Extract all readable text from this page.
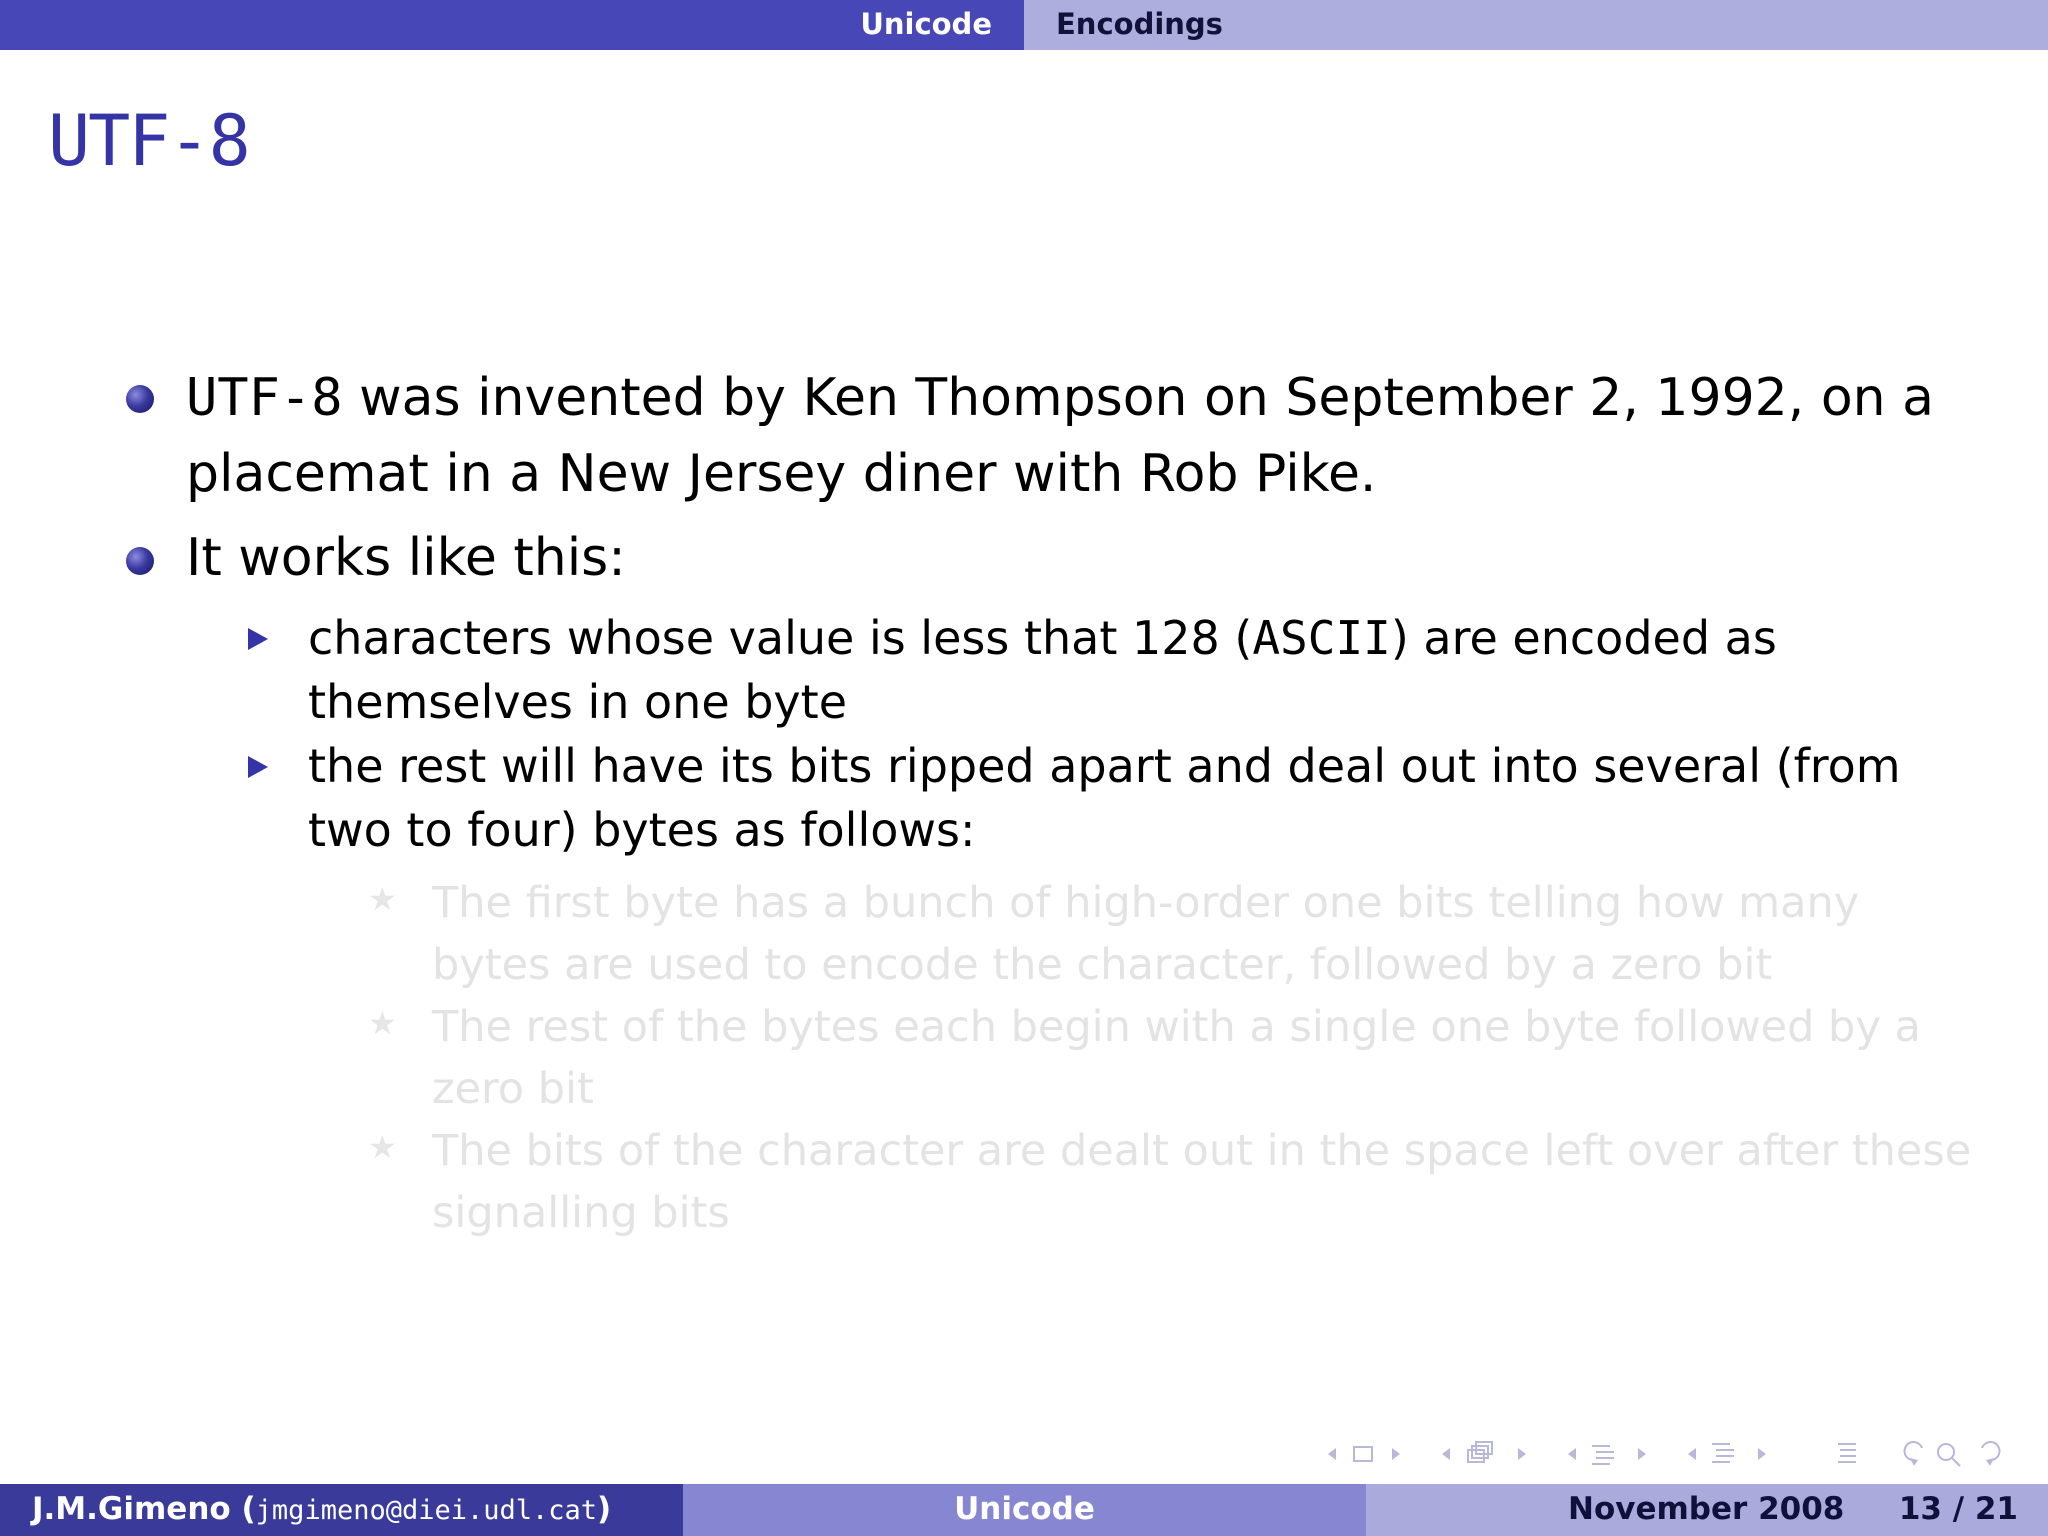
Unicode Encodings
UTF-8
UTF-8 was invented by Ken Thompson on September 2, 1992, on a
placemat in a New Jersey diner with Rob Pike.
It works like this:
characters whose value is less that 128 (ASCII) are encoded as
themselves in one byte
the rest will have its bits ripped apart and deal out into several (from
two to four) bytes as follows:
★ The first byte has a bunch of high-order one bits telling how many
bytes are used to encode the character, followed by a zero bit
★ The rest of the bytes each begin with a single one byte followed by a
zero bit
★ The bits of the character are dealt out in the space left over after these
signalling bits
J.M.Gimeno (jmgimeno@diei.udl.cat)	Unicode	November 2008 13 / 21
